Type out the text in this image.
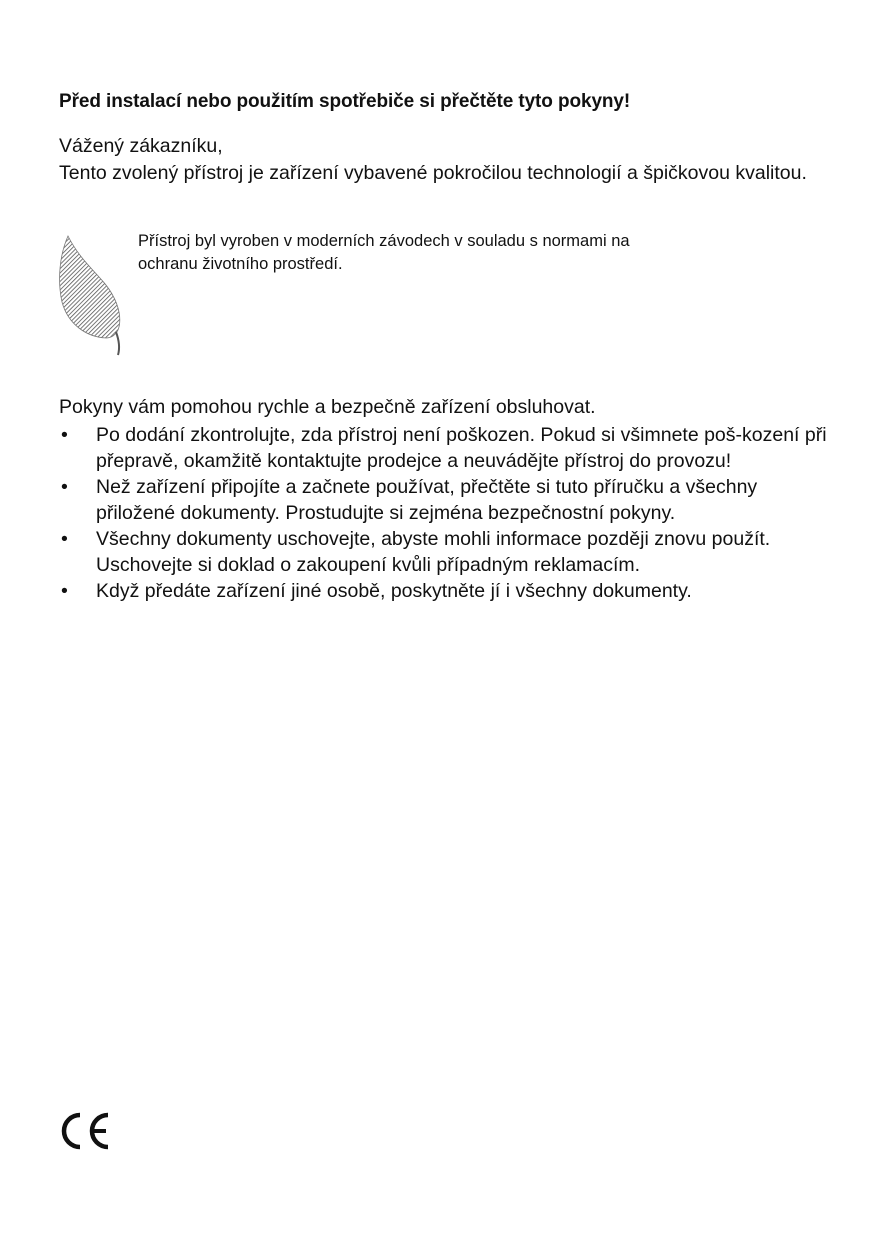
Před instalací nebo použitím spotřebiče si přečtěte tyto pokyny!
Vážený zákazníku,
Tento zvolený přístroj je zařízení vybavené pokročilou technologií a špičkovou kvalitou.
Přístroj byl vyroben v moderních závodech v souladu s normami na ochranu životního prostředí.
Pokyny vám pomohou rychle a bezpečně zařízení obsluhovat.
• Po dodání zkontrolujte, zda přístroj není poškozen. Pokud si všimnete poš-kození při přepravě, okamžitě kontaktujte prodejce a neuvádějte přístroj do provozu!
• Než zařízení připojíte a začnete používat, přečtěte si tuto příručku a všechny přiložené dokumenty. Prostudujte si zejména bezpečnostní pokyny.
• Všechny dokumenty uschovejte, abyste mohli informace později znovu použít. Uschovejte si doklad o zakoupení kvůli případným reklamacím.
• Když předáte zařízení jiné osobě, poskytněte jí i všechny dokumenty.
